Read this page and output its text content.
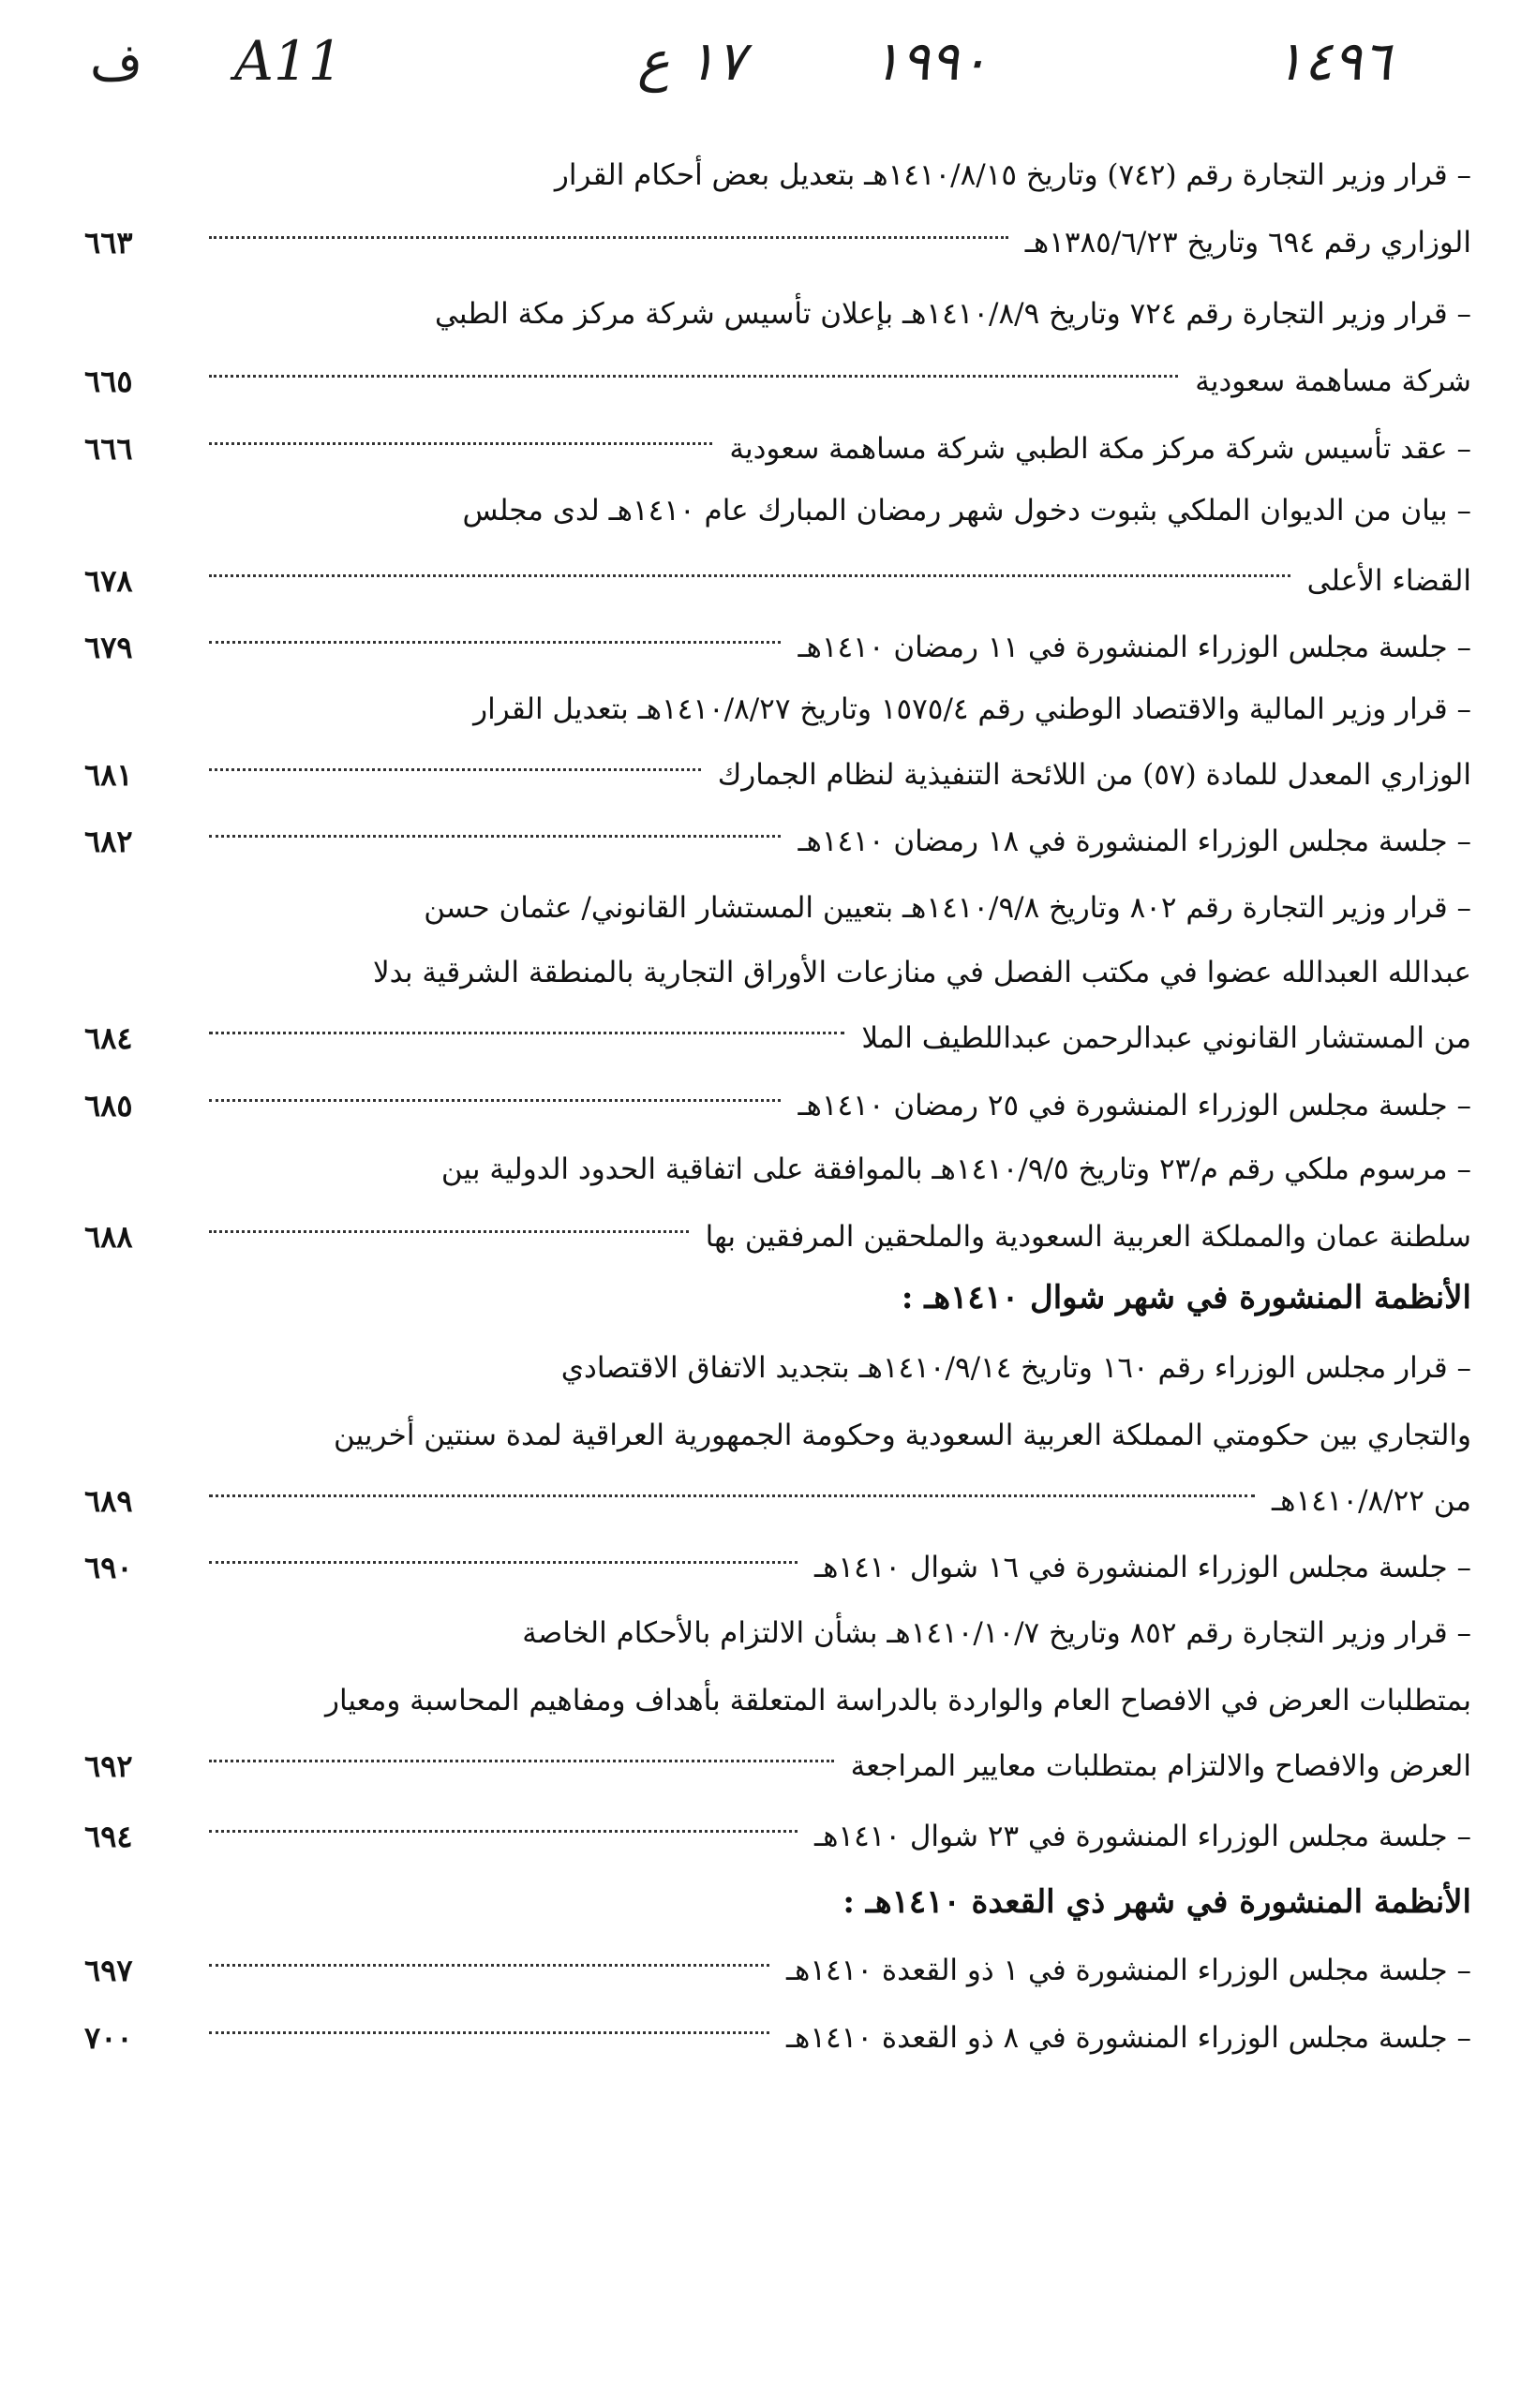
ف A11	١٧ ع ١٩٩٠	١٤٩٦
– قرار وزير التجارة رقم (٧٤٢) وتاريخ ١٤١٠/٨/١٥هـ بتعديل بعض أحكام القرار
الوزاري رقم ٦٩٤ وتاريخ ١٣٨٥/٦/٢٣هـ
٦٦٣
– قرار وزير التجارة رقم ٧٢٤ وتاريخ ١٤١٠/٨/٩هـ بإعلان تأسيس شركة مركز مكة الطبي
شركة مساهمة سعودية
٦٦٥
– عقد تأسيس شركة مركز مكة الطبي شركة مساهمة سعودية
٦٦٦
– بيان من الديوان الملكي بثبوت دخول شهر رمضان المبارك عام ١٤١٠هـ لدى مجلس
القضاء الأعلى
٦٧٨
– جلسة مجلس الوزراء المنشورة في ١١ رمضان ١٤١٠هـ
٦٧٩
– قرار وزير المالية والاقتصاد الوطني رقم ١٥٧٥/٤ وتاريخ ١٤١٠/٨/٢٧هـ بتعديل القرار
الوزاري المعدل للمادة (٥٧) من اللائحة التنفيذية لنظام الجمارك
٦٨١
– جلسة مجلس الوزراء المنشورة في ١٨ رمضان ١٤١٠هـ
٦٨٢
– قرار وزير التجارة رقم ٨٠٢ وتاريخ ١٤١٠/٩/٨هـ بتعيين المستشار القانوني/ عثمان حسن
عبدالله العبدالله عضوا في مكتب الفصل في منازعات الأوراق التجارية بالمنطقة الشرقية بدلا
من المستشار القانوني عبدالرحمن عبداللطيف الملا
٦٨٤
– جلسة مجلس الوزراء المنشورة في ٢٥ رمضان ١٤١٠هـ
٦٨٥
– مرسوم ملكي رقم م/٢٣ وتاريخ ١٤١٠/٩/٥هـ بالموافقة على اتفاقية الحدود الدولية بين
سلطنة عمان والمملكة العربية السعودية والملحقين المرفقين بها
٦٨٨
الأنظمة المنشورة في شهر شوال ١٤١٠هـ :
– قرار مجلس الوزراء رقم ١٦٠ وتاريخ ١٤١٠/٩/١٤هـ بتجديد الاتفاق الاقتصادي
والتجاري بين حكومتي المملكة العربية السعودية وحكومة الجمهورية العراقية لمدة سنتين أخريين
من ١٤١٠/٨/٢٢هـ
٦٨٩
– جلسة مجلس الوزراء المنشورة في ١٦ شوال ١٤١٠هـ
٦٩٠
– قرار وزير التجارة رقم ٨٥٢ وتاريخ ١٤١٠/١٠/٧هـ بشأن الالتزام بالأحكام الخاصة
بمتطلبات العرض في الافصاح العام والواردة بالدراسة المتعلقة بأهداف ومفاهيم المحاسبة ومعيار
العرض والافصاح والالتزام بمتطلبات معايير المراجعة
٦٩٢
– جلسة مجلس الوزراء المنشورة في ٢٣ شوال ١٤١٠هـ
٦٩٤
الأنظمة المنشورة في شهر ذي القعدة ١٤١٠هـ :
– جلسة مجلس الوزراء المنشورة في ١ ذو القعدة ١٤١٠هـ
٦٩٧
– جلسة مجلس الوزراء المنشورة في ٨ ذو القعدة ١٤١٠هـ
٧٠٠
